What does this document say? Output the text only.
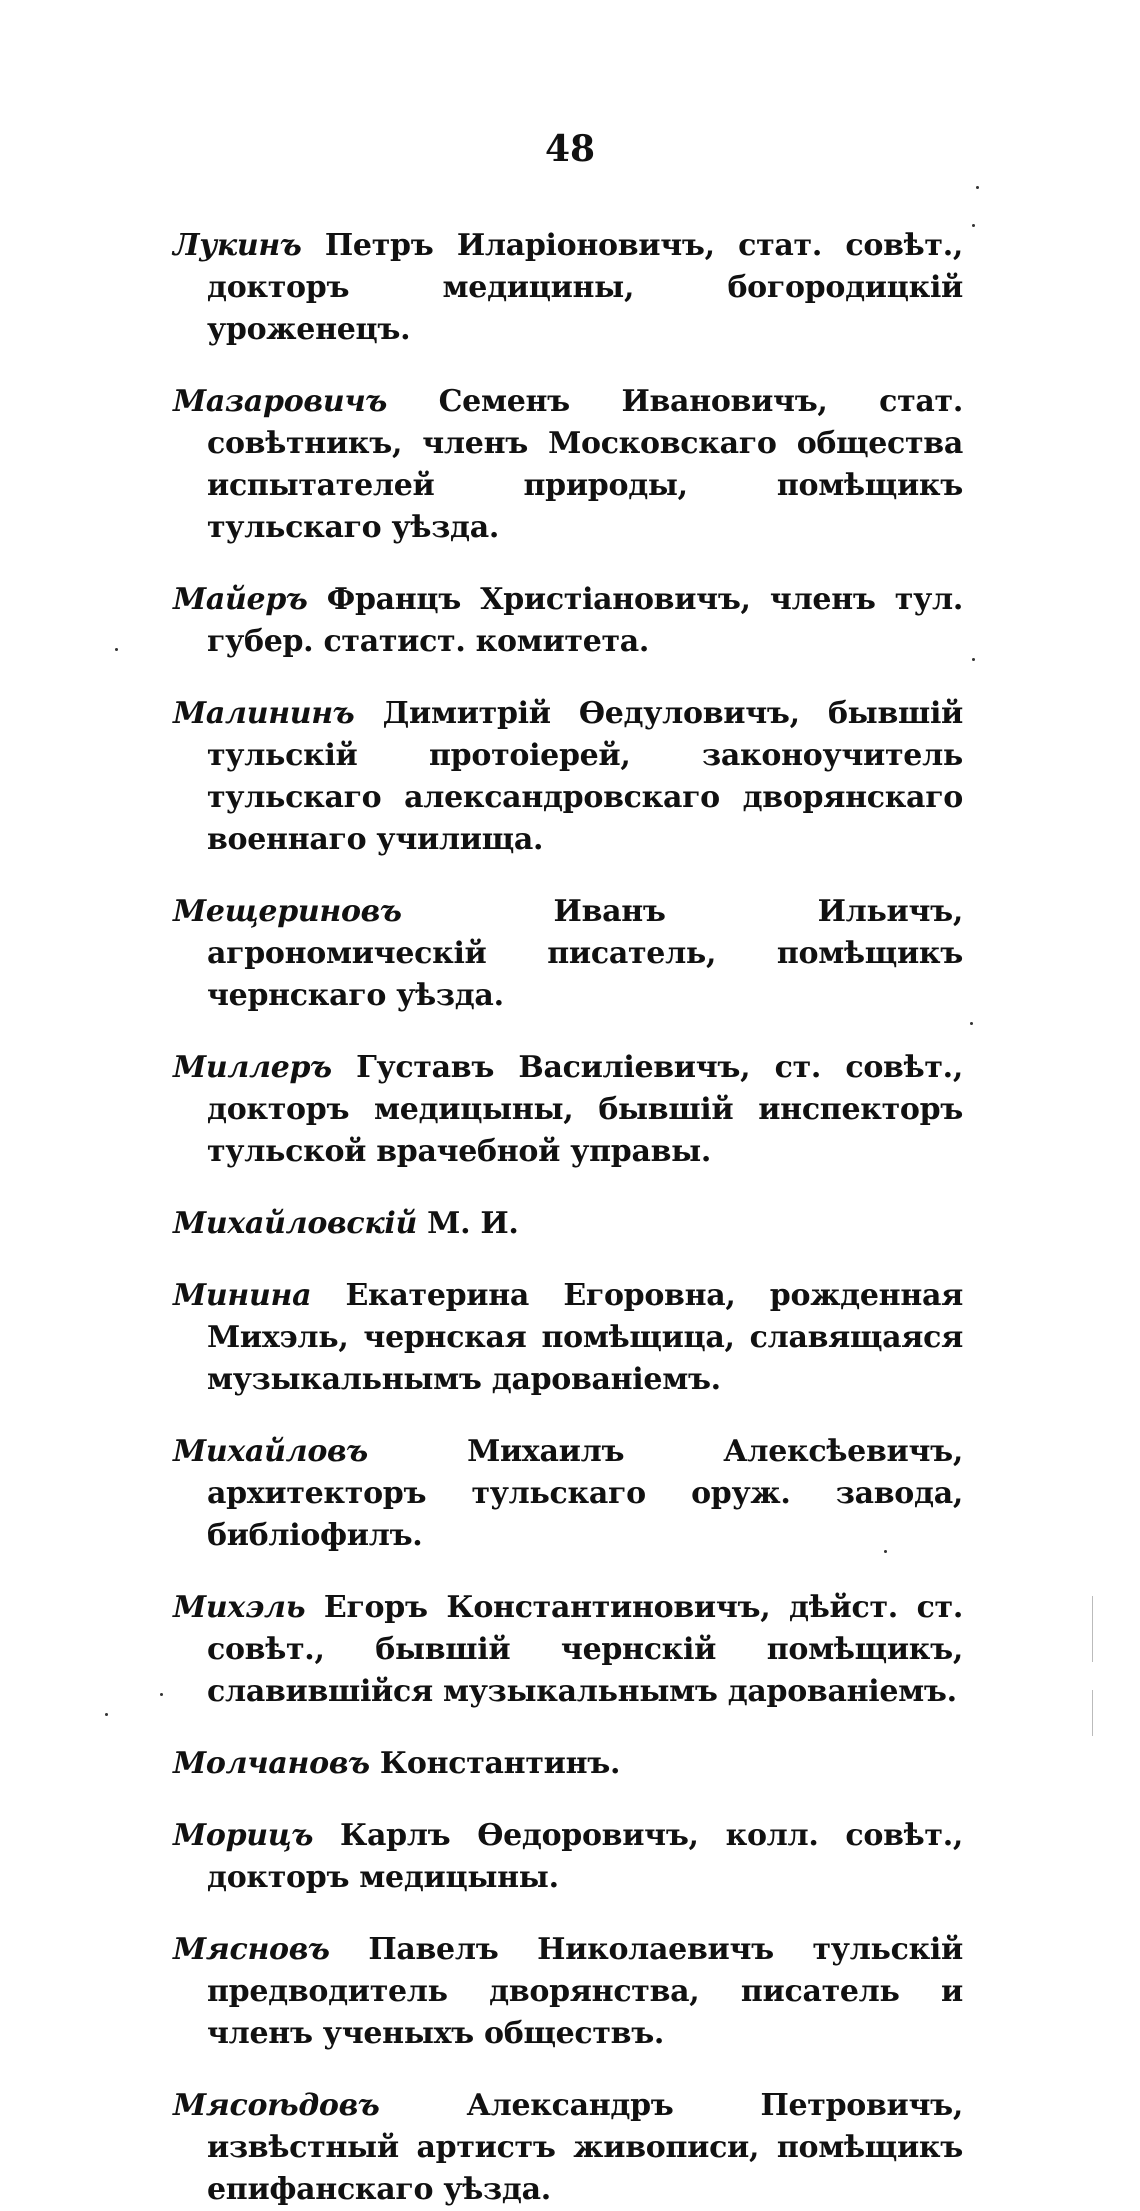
48

Лукинъ Петръ Иларіоновичъ, стат. совѣт., докторъ медицины, богородицкій уроженецъ.

Мазаровичъ Семенъ Ивановичъ, стат. совѣтникъ, членъ Московскаго общества испытателей природы, помѣщикъ тульскаго уѣзда.

Майеръ Францъ Христіановичъ, членъ тул. губер. статист. комитета.

Малининъ Димитрій Өедуловичъ, бывшій тульскій протоіерей, законоучитель тульскаго александровскаго дворянскаго военнаго училища.

Мещериновъ	Иванъ Ильичъ, агрономическій писатель, помѣщикъ чернскаго уѣзда.

Миллеръ Густавъ Василіевичъ, ст. совѣт., докторъ медицыны, бывшій инспекторъ тульской врачебной управы.

Михайловскій М. И.

Минина Екатерина Егоровна, рожденная Михэль, чернская помѣщица, славящаяся музыкальнымъ дарованіемъ.

Михайловъ	Михаилъ Алексѣевичъ, архитекторъ тульскаго оруж. завода, библіофилъ.

Михэль Егоръ Константиновичъ, дѣйст. ст. совѣт., бывшій чернскій помѣщикъ, славившійся музыкальнымъ дарованіемъ.

Молчановъ Константинъ.

Морицъ Карлъ Өедоровичъ, колл. совѣт., докторъ медицыны.

Мясновъ Павелъ Николаевичъ тульскій предводитель дворянства, писатель и членъ ученыхъ обществъ.

Мясоѣдовъ	Александръ Петровичъ, извѣстный артистъ живописи, помѣщикъ епифанскаго уѣзда.
